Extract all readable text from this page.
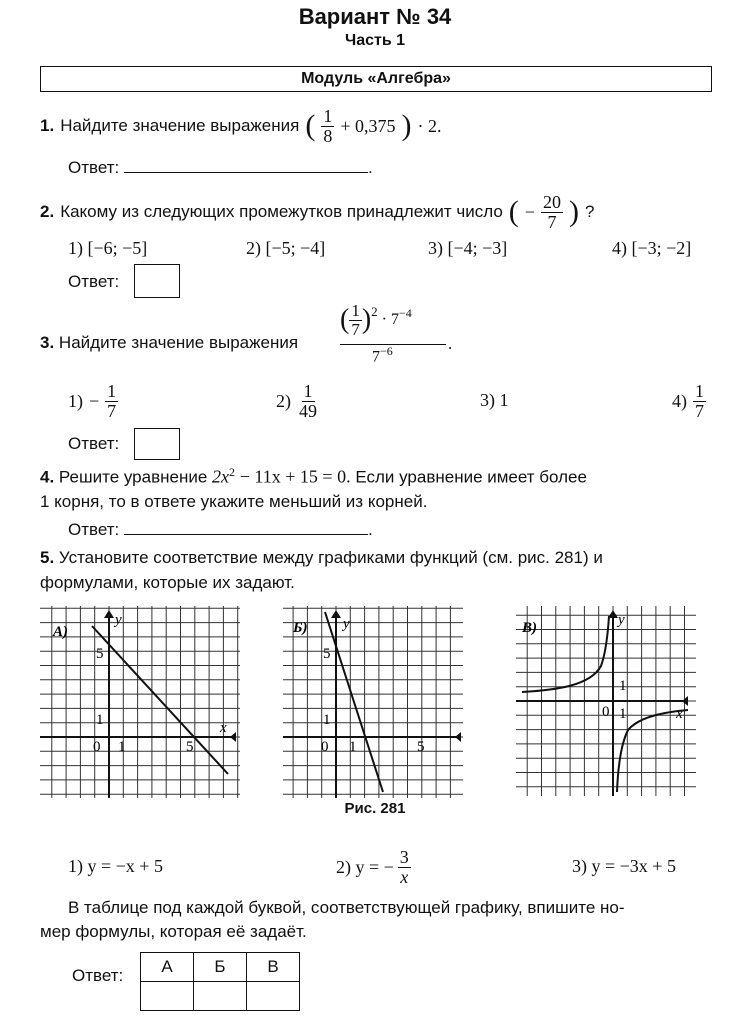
Вариант № 34
Часть 1
Модуль «Алгебра»
1. Найдите значение выражения ( $\frac{1}{8} + 0,375$ ) · 2.
Ответ:	.
2. Какому из следующих промежутков принадлежит число ( − $\frac{20}{7}$ ) ?
1) [−6; −5]	2) [−5; −4]	3) [−4; −3]	4) [−3; −2]
Ответ:
( $\frac{1}{7} )^2 \cdot 7^{-4}$
$7^{-6}$
3. Найдите значение выражения	.
$1) - \frac{1}{7}$	$2) \frac{1}{49}$	3) 1	$4) \frac{1}{7}$
Ответ:
4. Решите уравнение $2x^2 - 11x + 15 = 0$. Если уравнение имеет более
1 корня, то в ответе укажите меньший из корней.
Ответ:	.
5. Установите соответствие между графиками функций (см. рис. 281) и
формулами, которые их задают.
А)
5
1
0 1	5
x
y	Б)
5
1
0 1	5
y	В)
1
0 1	x
y
Рис. 281
1) y = −x + 5	2) y = − $\frac{3}{x}$	3) y = −3x + 5
В таблице под каждой буквой, соответствующей графику, впишите но-
мер формулы, которая её задаёт.
Ответ: А	Б	В
